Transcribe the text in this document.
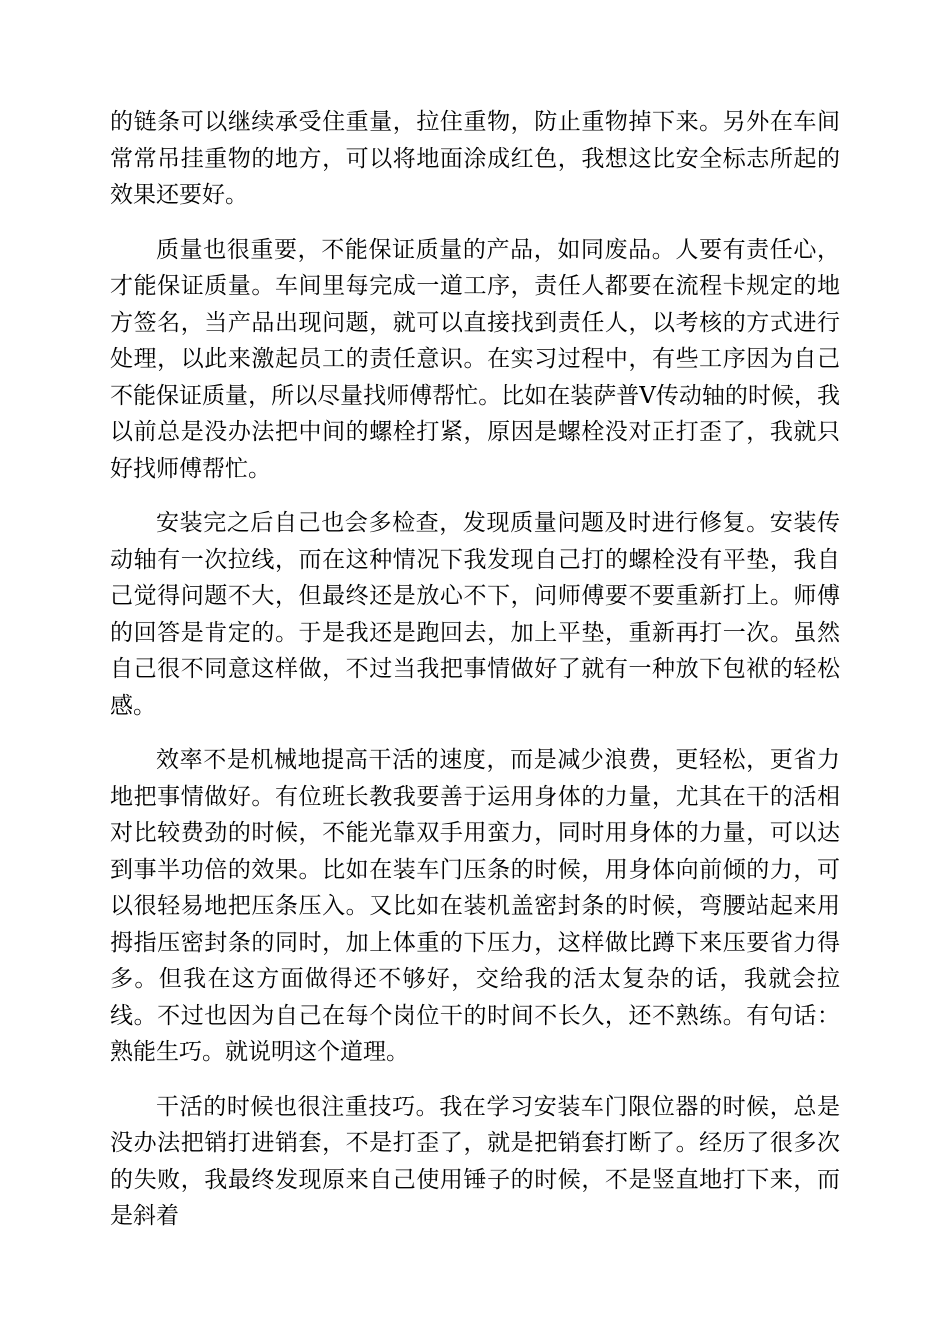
的链条可以继续承受住重量，拉住重物，防止重物掉下来。另外在车间常常吊挂重物的地方，可以将地面涂成红色，我想这比安全标志所起的效果还要好。

质量也很重要，不能保证质量的产品，如同废品。人要有责任心，才能保证质量。车间里每完成一道工序，责任人都要在流程卡规定的地方签名，当产品出现问题，就可以直接找到责任人，以考核的方式进行处理，以此来激起员工的责任意识。在实习过程中，有些工序因为自己不能保证质量，所以尽量找师傅帮忙。比如在装萨普Ⅴ传动轴的时候，我以前总是没办法把中间的螺栓打紧，原因是螺栓没对正打歪了，我就只好找师傅帮忙。

安装完之后自己也会多检查，发现质量问题及时进行修复。安装传动轴有一次拉线，而在这种情况下我发现自己打的螺栓没有平垫，我自己觉得问题不大，但最终还是放心不下，问师傅要不要重新打上。师傅的回答是肯定的。于是我还是跑回去，加上平垫，重新再打一次。虽然自己很不同意这样做，不过当我把事情做好了就有一种放下包袱的轻松感。

效率不是机械地提高干活的速度，而是减少浪费，更轻松，更省力地把事情做好。有位班长教我要善于运用身体的力量，尤其在干的活相对比较费劲的时候，不能光靠双手用蛮力，同时用身体的力量，可以达到事半功倍的效果。比如在装车门压条的时候，用身体向前倾的力，可以很轻易地把压条压入。又比如在装机盖密封条的时候，弯腰站起来用拇指压密封条的同时，加上体重的下压力，这样做比蹲下来压要省力得多。但我在这方面做得还不够好，交给我的活太复杂的话，我就会拉线。不过也因为自己在每个岗位干的时间不长久，还不熟练。有句话：熟能生巧。就说明这个道理。

干活的时候也很注重技巧。我在学习安装车门限位器的时候，总是没办法把销打进销套，不是打歪了，就是把销套打断了。经历了很多次的失败，我最终发现原来自己使用锤子的时候，不是竖直地打下来，而是斜着
